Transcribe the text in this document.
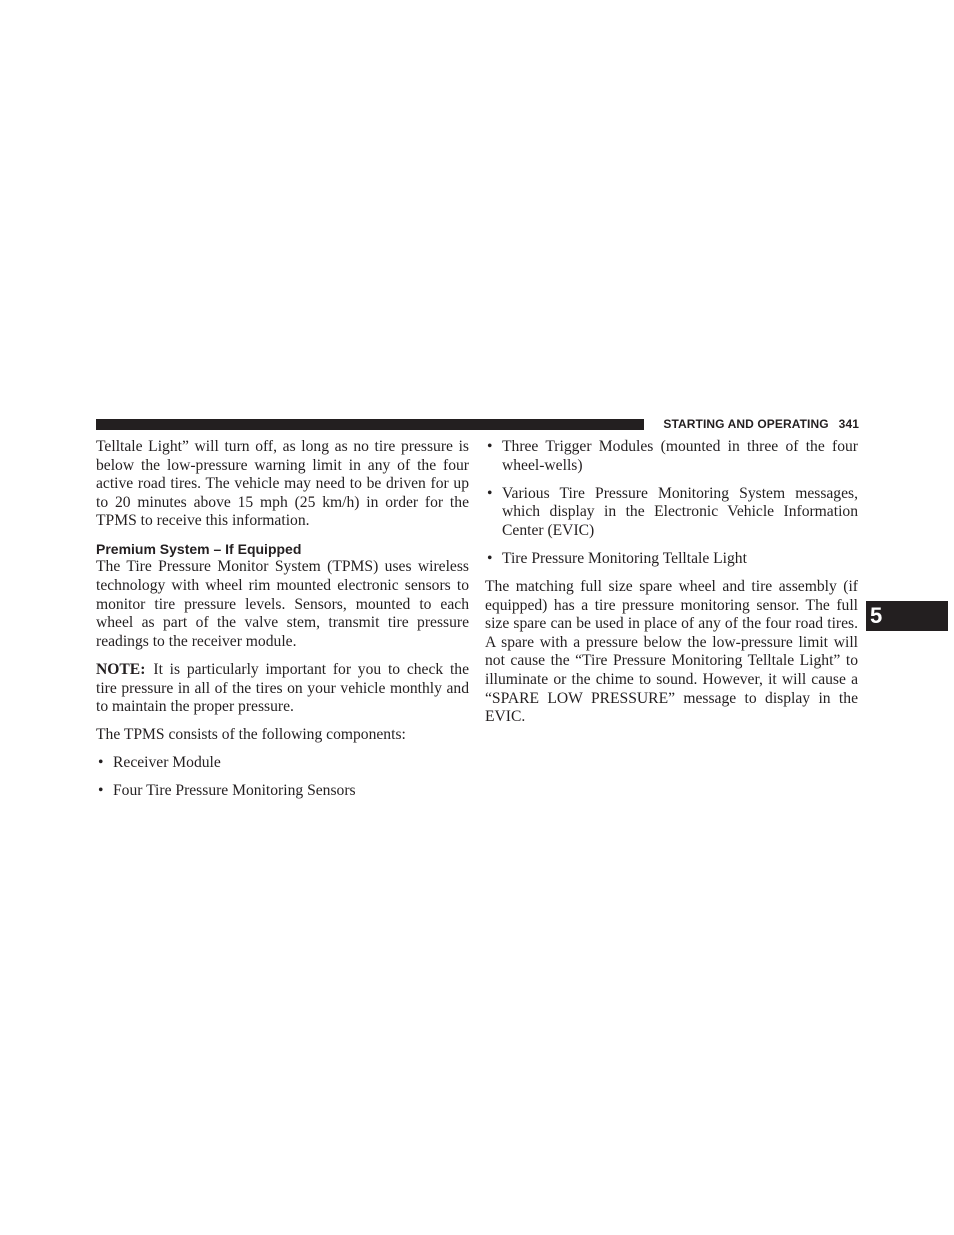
STARTING AND OPERATING 341

Telltale Light” will turn off, as long as no tire pressure is below the low-pressure warning limit in any of the four active road tires. The vehicle may need to be driven for up to 20 minutes above 15 mph (25 km/h) in order for the TPMS to receive this information.

Premium System – If Equipped

The Tire Pressure Monitor System (TPMS) uses wireless technology with wheel rim mounted electronic sensors to monitor tire pressure levels. Sensors, mounted to each wheel as part of the valve stem, transmit tire pressure readings to the receiver module.

NOTE: It is particularly important for you to check the tire pressure in all of the tires on your vehicle monthly and to maintain the proper pressure.

The TPMS consists of the following components:

• Receiver Module
• Four Tire Pressure Monitoring Sensors
• Three Trigger Modules (mounted in three of the four wheel-wells)
• Various Tire Pressure Monitoring System messages, which display in the Electronic Vehicle Information Center (EVIC)
• Tire Pressure Monitoring Telltale Light

The matching full size spare wheel and tire assembly (if equipped) has a tire pressure monitoring sensor. The full size spare can be used in place of any of the four road tires. A spare with a pressure below the low-pressure limit will not cause the “Tire Pressure Monitoring Telltale Light” to illuminate or the chime to sound. However, it will cause a “SPARE LOW PRESSURE” message to display in the EVIC.

5
